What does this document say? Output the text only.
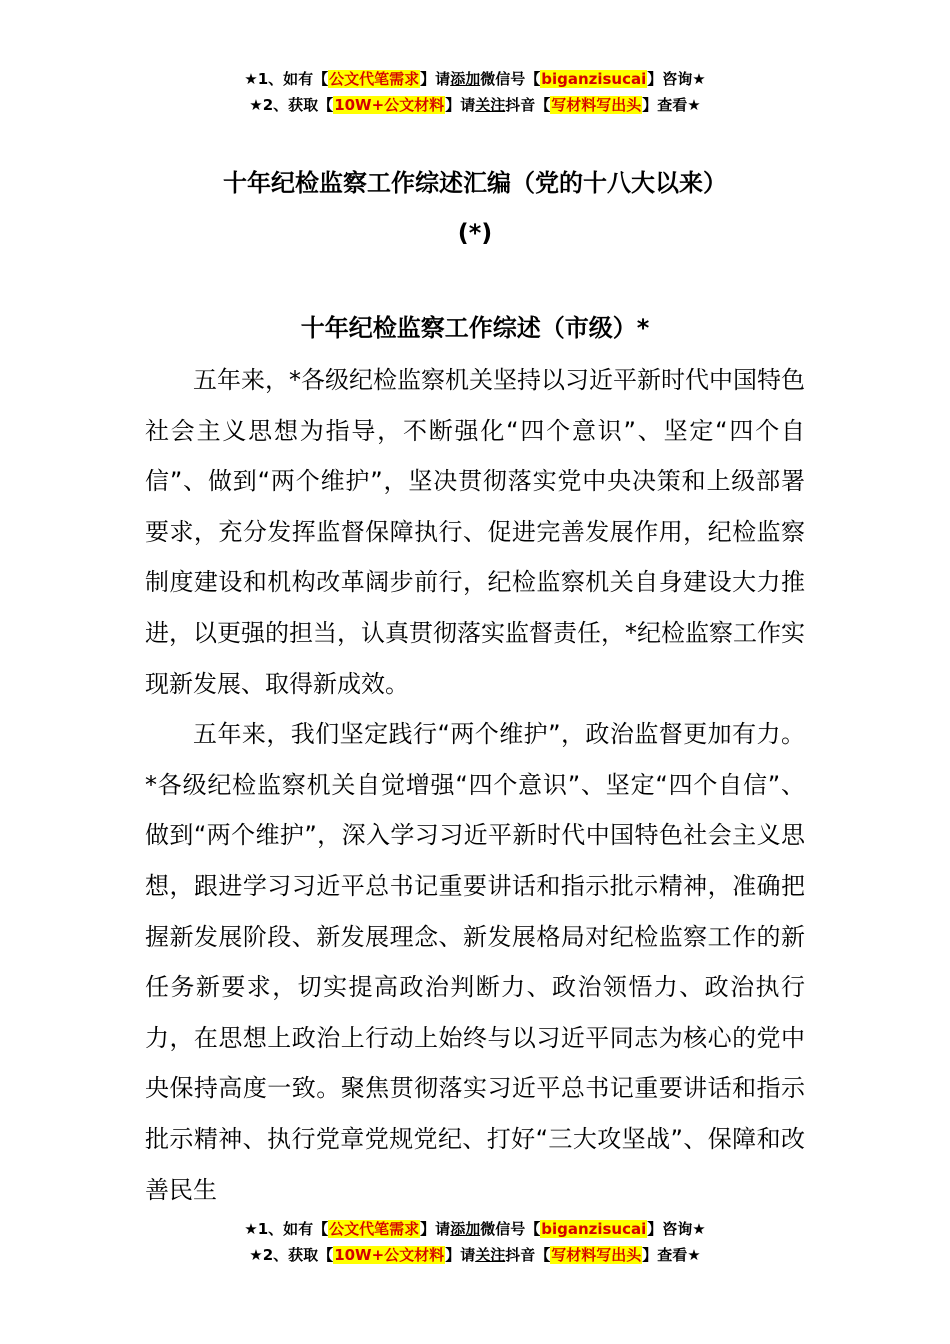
★1、如有【公文代笔需求】请添加微信号【biganzisucai】咨询★
★2、获取【10W+公文材料】请关注抖音【写材料写出头】查看★
十年纪检监察工作综述汇编（党的十八大以来）
(*)
十年纪检监察工作综述（市级）*

五年来，*各级纪检监察机关坚持以习近平新时代中国特色社会主义思想为指导，不断强化“四个意识”、坚定“四个自信”、做到“两个维护”，坚决贯彻落实党中央决策和上级部署要求，充分发挥监督保障执行、促进完善发展作用，纪检监察制度建设和机构改革阔步前行，纪检监察机关自身建设大力推进，以更强的担当，认真贯彻落实监督责任，*纪检监察工作实现新发展、取得新成效。

五年来，我们坚定践行“两个维护”，政治监督更加有力。*各级纪检监察机关自觉增强“四个意识”、坚定“四个自信”、做到“两个维护”，深入学习习近平新时代中国特色社会主义思想，跟进学习习近平总书记重要讲话和指示批示精神，准确把握新发展阶段、新发展理念、新发展格局对纪检监察工作的新任务新要求，切实提高政治判断力、政治领悟力、政治执行力，在思想上政治上行动上始终与以习近平同志为核心的党中央保持高度一致。聚焦贯彻落实习近平总书记重要讲话和指示批示精神、执行党章党规党纪、打好“三大攻坚战”、保障和改善民生

★1、如有【公文代笔需求】请添加微信号【biganzisucai】咨询★
★2、获取【10W+公文材料】请关注抖音【写材料写出头】查看★
